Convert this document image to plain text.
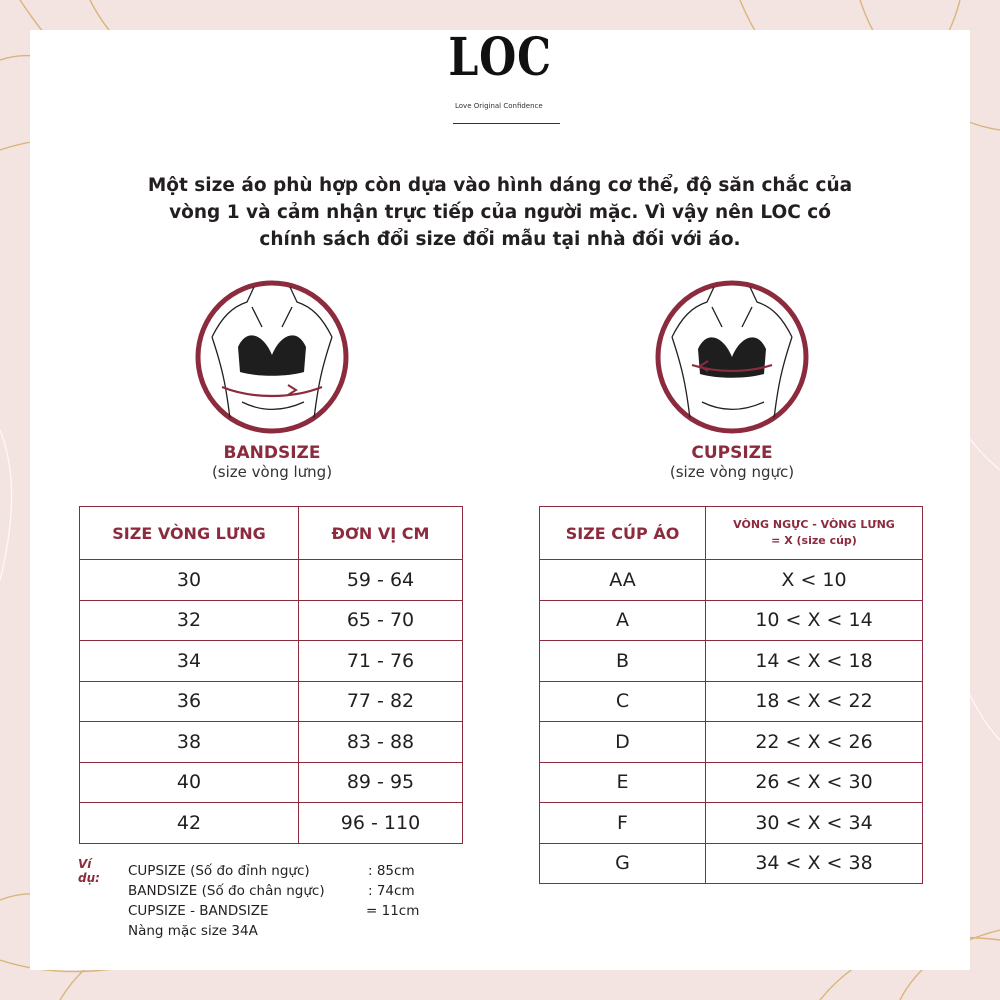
LOC
Love Original Confidence
Một size áo phù hợp còn dựa vào hình dáng cơ thể, độ săn chắc của
vòng 1 và cảm nhận trực tiếp của người mặc. Vì vậy nên LOC có
chính sách đổi size đổi mẫu tại nhà đối với áo.
BANDSIZE
(size vòng lưng)
CUPSIZE
(size vòng ngực)
SIZE VÒNG LƯNG	ĐƠN VỊ CM
30	59 - 64
32	65 - 70
34	71 - 76
36	77 - 82
38	83 - 88
40	89 - 95
42	96 - 110
SIZE CÚP ÁO	VÒNG NGỰC - VÒNG LƯNG
= X (size cúp)

AA	X < 10
A	10 < X < 14
B	14 < X < 18
C	18 < X < 22
D	22 < X < 26
E	26 < X < 30
F	30 < X < 34
G	34 < X < 38
Ví dụ: CUPSIZE (Số đo đỉnh ngực)	: 85cm
BANDSIZE (Số đo chân ngực)	: 74cm
CUPSIZE - BANDSIZE	= 11cm
Nàng mặc size 34A
